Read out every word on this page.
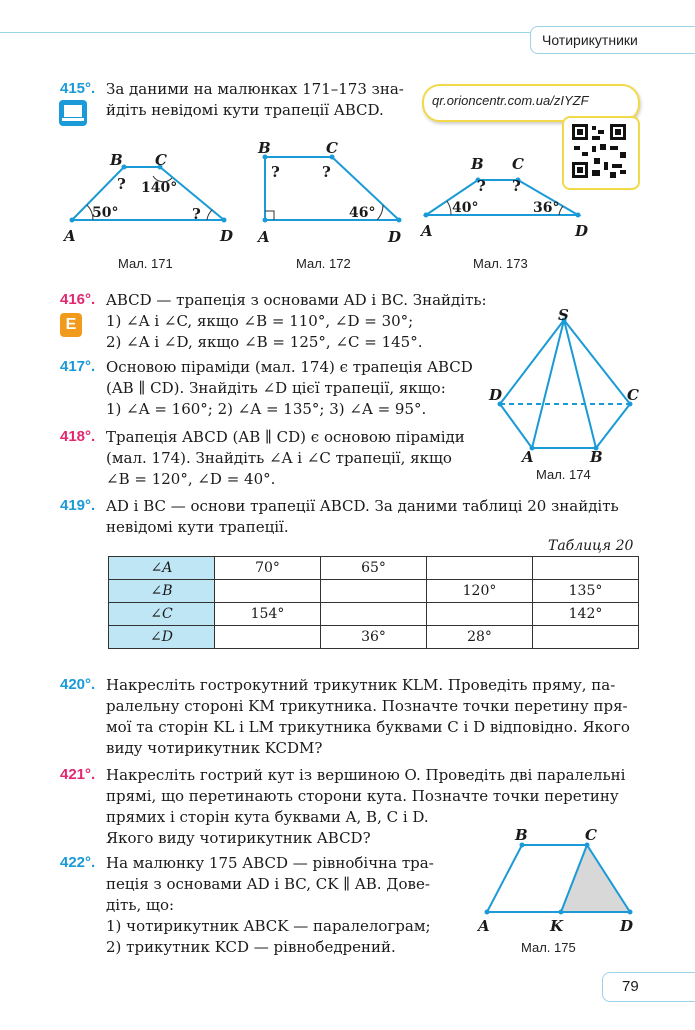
Чотирикутники
415°. За даними на малюнках 171–173 зна-
йдіть невідомі кути трапеції ABCD.
qr.orioncentr.com.ua/zIYZF
B C
?
?
140°
50°
A	D
Мал. 171
B	C
?	?
46°
A	D
Мал. 172
B C
? ?
40°	36°
A	D
Мал. 173
416°.
E
ABCD — трапеція з основами AD і BC. Знайдіть:
1) ∠A і ∠C, якщо ∠B = 110°, ∠D = 30°;
2) ∠A і ∠D, якщо ∠B = 125°, ∠C = 145°.
417°. Основою піраміди (мал. 174) є трапеція ABCD
(AB ∥ CD). Знайдіть ∠D цієї трапеції, якщо:
1) ∠A = 160°; 2) ∠A = 135°; 3) ∠A = 95°.
418°. Трапеція ABCD (AB ∥ CD) є основою піраміди
(мал. 174). Знайдіть ∠A і ∠C трапеції, якщо
∠B = 120°, ∠D = 40°.
S
D	C
A	B
Мал. 174
419°. AD і BC — основи трапеції ABCD. За даними таблиці 20 знайдіть
невідомі кути трапеції.
Таблиця 20
∠A	70°	65°		
∠B			120°	135°
∠C	154°			142°
∠D		36°	28°	
420°. Накресліть гострокутний трикутник KLM. Проведіть пряму, па-
ралельну стороні KM трикутника. Позначте точки перетину пря-
мої та сторін KL і LM трикутника буквами C і D відповідно. Якого
виду чотирикутник KCDM?
421°. Накресліть гострий кут із вершиною O. Проведіть дві паралельні
прямі, що перетинають сторони кута. Позначте точки перетину
прямих і сторін кута буквами A, B, C і D.
Якого виду чотирикутник ABCD?
422°. На малюнку 175 ABCD — рівнобічна тра-
пеція з основами AD і BC, CK ∥ AB. Дове-
діть, що:
1) чотирикутник ABCK — паралелограм;
2) трикутник KCD — рівнобедрений.
B	C
A	K	D
Мал. 175
79
